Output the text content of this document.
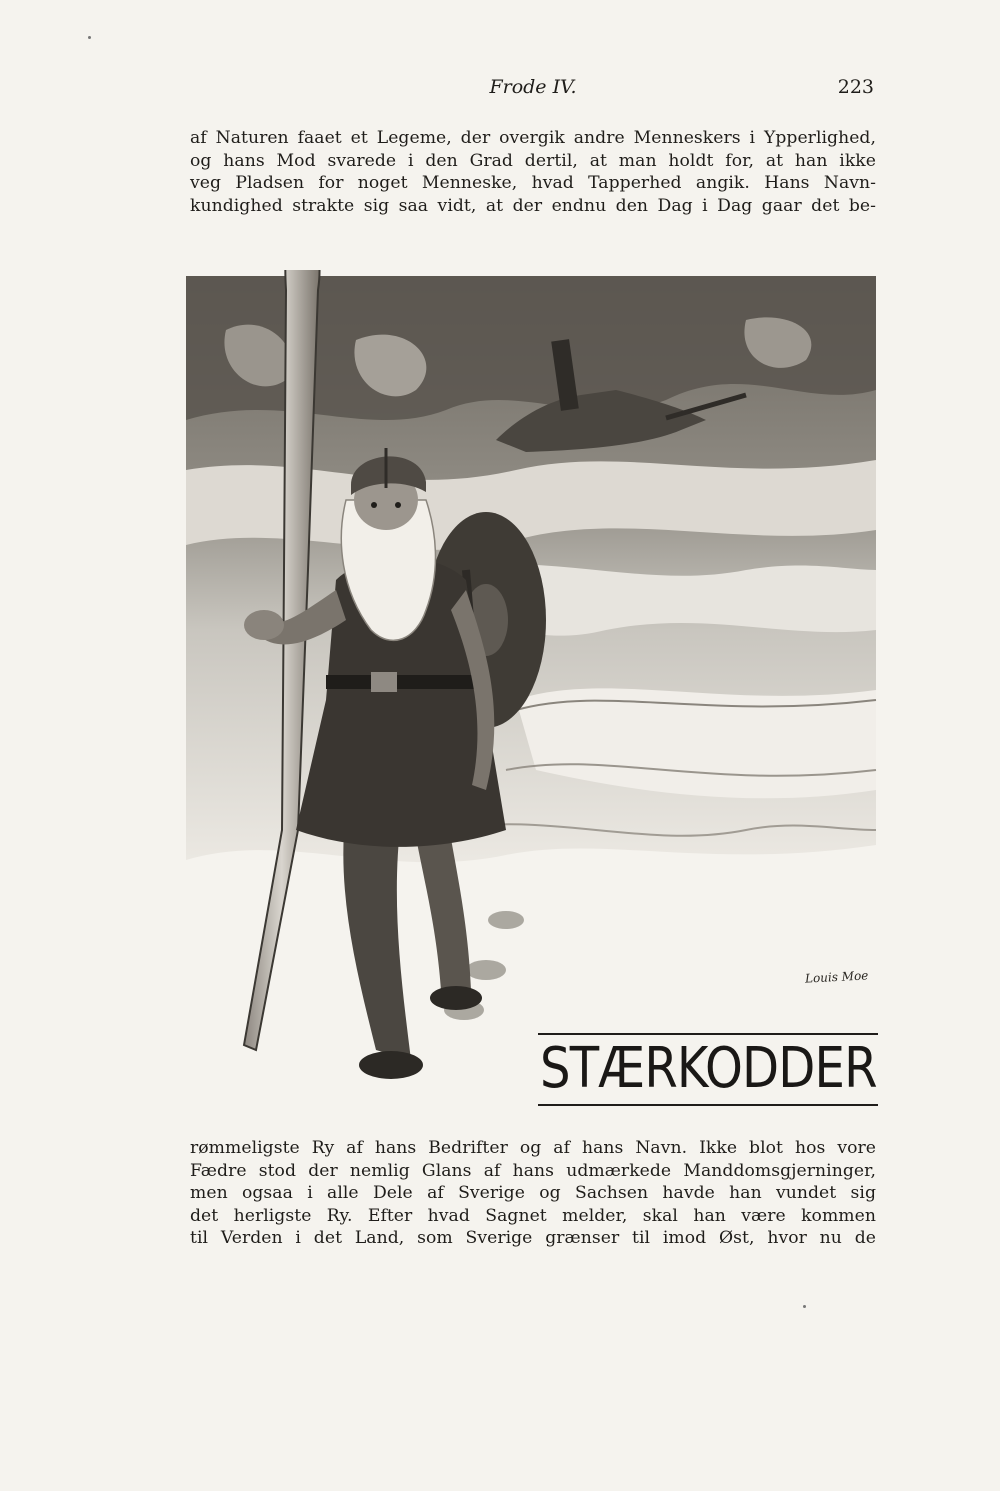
Frode IV.	223

af Naturen faaet et Legeme, der overgik andre Menneskers i Ypperlighed,

og hans Mod svarede i den Grad dertil, at man holdt for, at han ikke

veg Pladsen for noget Menneske, hvad Tapperhed angik. Hans Navn-

kundighed strakte sig saa vidt, at der endnu den Dag i Dag gaar det be-

Louis Moe
STÆRKODDER

rømmeligste Ry af hans Bedrifter og af hans Navn. Ikke blot hos vore

Fædre stod der nemlig Glans af hans udmærkede Manddomsgjerninger,

men ogsaa i alle Dele af Sverige og Sachsen havde han vundet sig

det herligste Ry. Efter hvad Sagnet melder, skal han være kommen

til Verden i det Land, som Sverige grænser til imod Øst, hvor nu de
